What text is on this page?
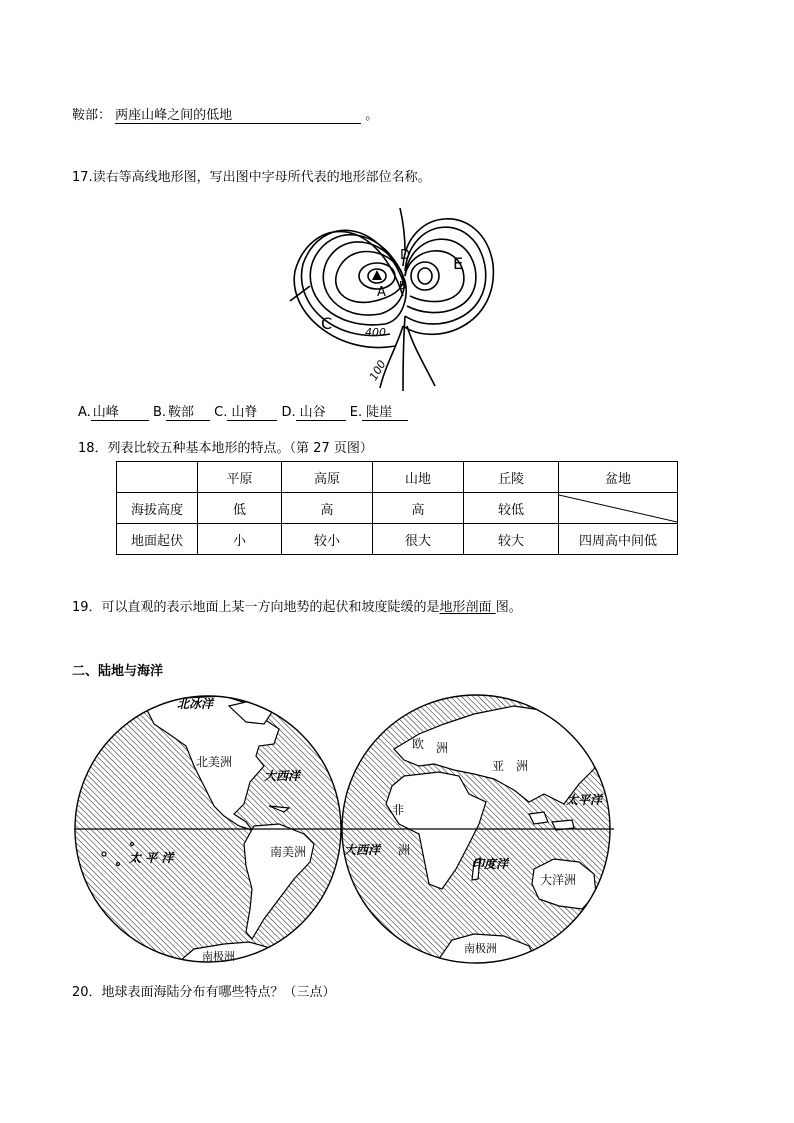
鞍部： 两座山峰之间的低地	。
17.读右等高线地形图，写出图中字母所代表的地形部位名称。
A B
C
D	E
400
100
A. 山峰	B. 鞍部 C. 山脊 D. 山谷 E. 陡崖
18．列表比较五种基本地形的特点。（第 27 页图）
	平原	高原	山地	丘陵	盆地
海拔高度	低	高	高	较低	

地面起伏	小	较小	很大	较大	四周高中间低
19．可以直观的表示地面上某一方向地势的起伏和坡度陡缓的是地形剖面 图。
二、陆地与海洋
北冰洋
北美洲
大西洋
太 平 洋	南美洲
南极洲
欧 洲
亚 洲
非
洲
大西洋
太平洋
印度洋
大洋洲
南极洲
20．地球表面海陆分布有哪些特点？（三点）
